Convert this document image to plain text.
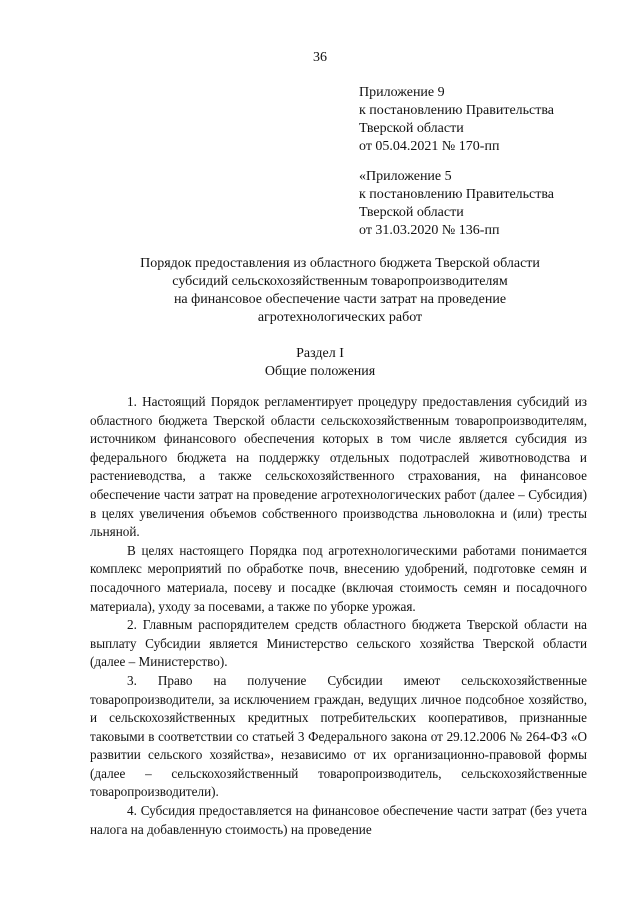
36
Приложение 9
к постановлению Правительства
Тверской области
от 05.04.2021 № 170-пп
«Приложение 5
к постановлению Правительства
Тверской области
от 31.03.2020 № 136-пп
Порядок предоставления из областного бюджета Тверской области
субсидий сельскохозяйственным товаропроизводителям
на финансовое обеспечение части затрат на проведение
агротехнологических работ
Раздел I
Общие положения

1. Настоящий Порядок регламентирует процедуру предоставления субсидий из областного бюджета Тверской области сельскохозяйственным товаропроизводителям, источником финансового обеспечения которых в том числе является субсидия из федерального бюджета на поддержку отдельных подотраслей животноводства и растениеводства, а также сельскохозяйственного страхования, на финансовое обеспечение части затрат на проведение агротехнологических работ (далее – Субсидия) в целях увеличения объемов собственного производства льноволокна и (или) тресты льняной.

В целях настоящего Порядка под агротехнологическими работами понимается комплекс мероприятий по обработке почв, внесению удобрений, подготовке семян и посадочного материала, посеву и посадке (включая стоимость семян и посадочного материала), уходу за посевами, а также по уборке урожая.

2. Главным распорядителем средств областного бюджета Тверской области на выплату Субсидии является Министерство сельского хозяйства Тверской области (далее – Министерство).

3. Право на получение Субсидии имеют сельскохозяйственные товаропроизводители, за исключением граждан, ведущих личное подсобное хозяйство, и сельскохозяйственных кредитных потребительских кооперативов, признанные таковыми в соответствии со статьей 3 Федерального закона от 29.12.2006 № 264-ФЗ «О развитии сельского хозяйства», независимо от их организационно-правовой формы (далее – сельскохозяйственный товаропроизводитель, сельскохозяйственные товаропроизводители).

4. Субсидия предоставляется на финансовое обеспечение части затрат (без учета налога на добавленную стоимость) на проведение
